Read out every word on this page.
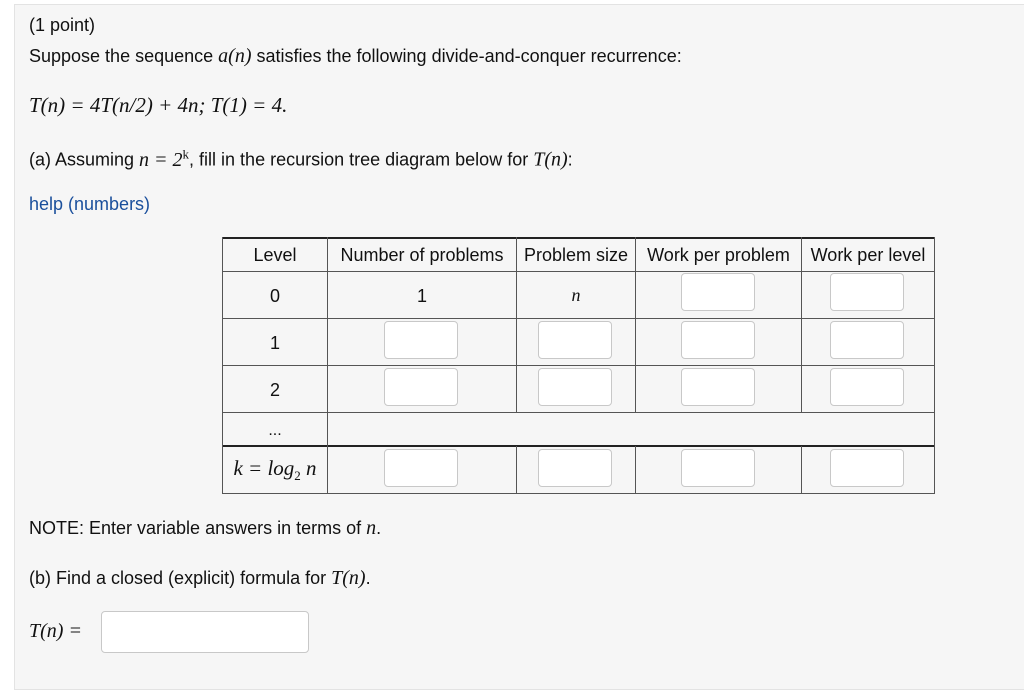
(1 point)
Suppose the sequence a(n) satisfies the following divide-and-conquer recurrence:
T(n) = 4T(n/2) + 4n; T(1) = 4.
(a) Assuming $n = 2^k$, fill in the recursion tree diagram below for T(n):
help (numbers)
Level	Number of problems	Problem size	Work per problem	Work per level
0	1	n
1
2
...
$k = \log_2 n$
NOTE: Enter variable answers in terms of n.
(b) Find a closed (explicit) formula for T(n).
T(n) =
